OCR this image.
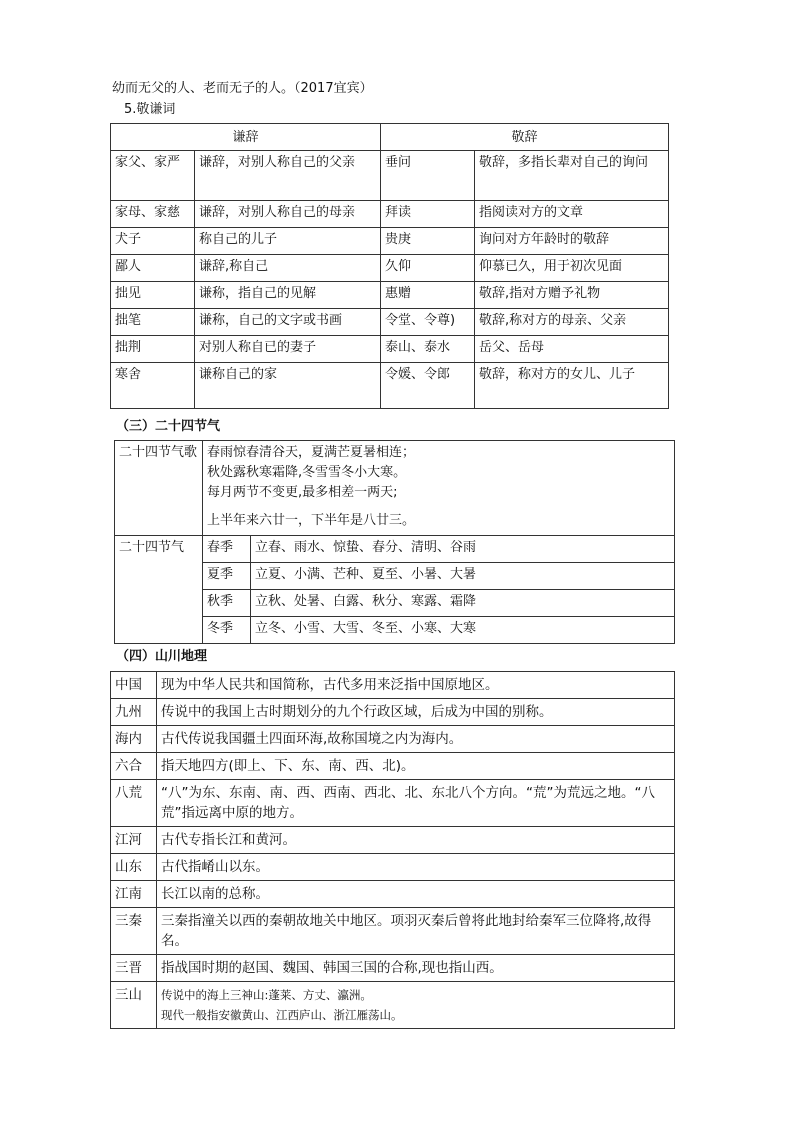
幼而无父的人、老而无子的人。（2017宜宾）
5.敬谦词
谦辞		敬辞	
家父、家严	谦辞，对别人称自己的父亲	垂问	敬辞，多指长辈对自己的询问
家母、家慈	谦辞，对别人称自己的母亲	拜读	指阅读对方的文章
犬子	称自己的儿子	贵庚	询问对方年龄时的敬辞
鄙人	谦辞,称自己	久仰	仰慕已久，用于初次见面
拙见	谦称，指自己的见解	惠赠	敬辞,指对方赠予礼物
拙笔	谦称，自己的文字或书画	令堂、令尊)	敬辞,称对方的母亲、父亲
拙荆	对别人称自已的妻子	泰山、泰水	岳父、岳母
寒舍	谦称自己的家	令媛、令郎	敬辞，称对方的女儿、儿子
（三）二十四节气
二十四节气歌	春雨惊春清谷天，夏满芒夏暑相连；
秋处露秋寒霜降,冬雪雪冬小大寒。
每月两节不变更,最多相差一两天;
上半年来六廿一，下半年是八廿三。	

二十四节气	春季	立春、雨水、惊蛰、春分、清明、谷雨
	夏季	立夏、小满、芒种、夏至、小暑、大暑
	秋季	立秋、处暑、白露、秋分、寒露、霜降
	冬季	立冬、小雪、大雪、冬至、小寒、大寒
（四）山川地理
中国	现为中华人民共和国简称，古代多用来泛指中国原地区。
九州	传说中的我国上古时期划分的九个行政区域，后成为中国的别称。
海内	古代传说我国疆土四面环海,故称国境之内为海内。
六合	指天地四方(即上、下、东、南、西、北)。
八荒	“八”为东、东南、南、西、西南、西北、北、东北八个方向。“荒”为荒远之地。“八荒”指远离中原的地方。
江河	古代专指长江和黄河。
山东	古代指崤山以东。
江南	长江以南的总称。
三秦	三秦指潼关以西的秦朝故地关中地区。项羽灭秦后曾将此地封给秦军三位降将,故得名。
三晋	指战国时期的赵国、魏国、韩国三国的合称,现也指山西。
三山	传说中的海上三神山:蓬莱、方丈、瀛洲。
现代一般指安徽黄山、江西庐山、浙江雁荡山。
